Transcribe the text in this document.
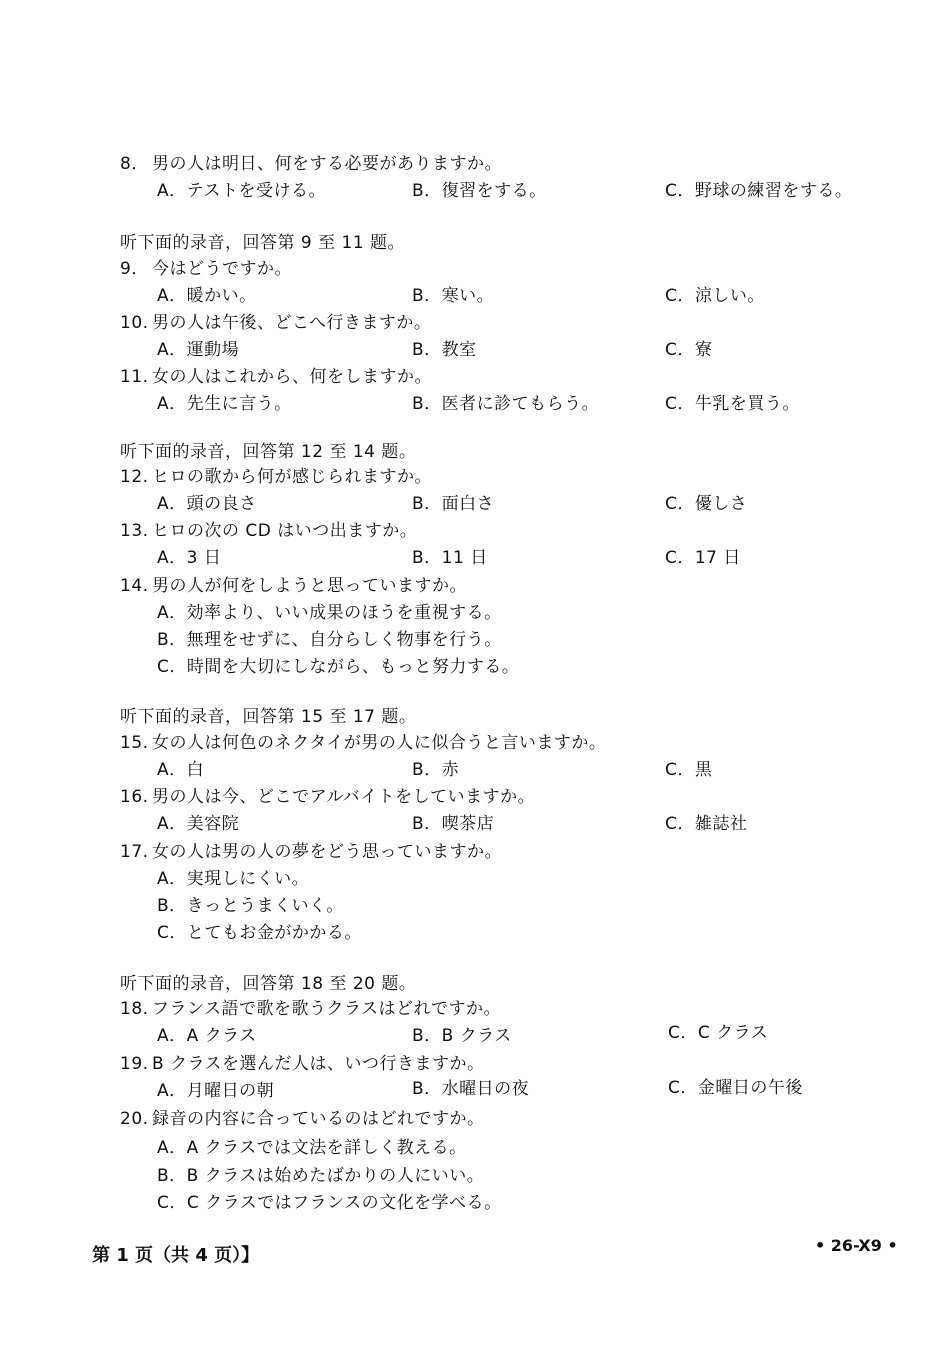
8． 男の人は明日、何をする必要がありますか。
A．テストを受ける。	B．復習をする。	C．野球の練習をする。
听下面的录音，回答第 9 至 11 题。
9． 今はどうですか。
A．暖かい。	B．寒い。	C．涼しい。
10. 男の人は午後、どこへ行きますか。
A．運動場	B．教室	C．寮
11. 女の人はこれから、何をしますか。
A．先生に言う。	B．医者に診てもらう。	C．牛乳を買う。
听下面的录音，回答第 12 至 14 题。
12. ヒロの歌から何が感じられますか。
A．頭の良さ	B．面白さ	C．優しさ
13. ヒロの次の CD はいつ出ますか。
A．3 日	B．11 日	C．17 日
14. 男の人が何をしようと思っていますか。
A．効率より、いい成果のほうを重視する。
B．無理をせずに、自分らしく物事を行う。
C．時間を大切にしながら、もっと努力する。
听下面的录音，回答第 15 至 17 题。
15. 女の人は何色のネクタイが男の人に似合うと言いますか。
A．白	B．赤	C．黒
16. 男の人は今、どこでアルバイトをしていますか。
A．美容院	B．喫茶店	C．雑誌社
17. 女の人は男の人の夢をどう思っていますか。
A．実現しにくい。
B．きっとうまくいく。
C．とてもお金がかかる。
听下面的录音，回答第 18 至 20 题。
18. フランス語で歌を歌うクラスはどれですか。
A．A クラス	B．B クラス	C．C クラス
19. B クラスを選んだ人は、いつ行きますか。
A．月曜日の朝	B．水曜日の夜	C．金曜日の午後
20. 録音の内容に合っているのはどれですか。
A．A クラスでは文法を詳しく教える。
B．B クラスは始めたばかりの人にいい。
C．C クラスではフランスの文化を学べる。
第 1 页（共 4 页）】	• 26-X9 •
